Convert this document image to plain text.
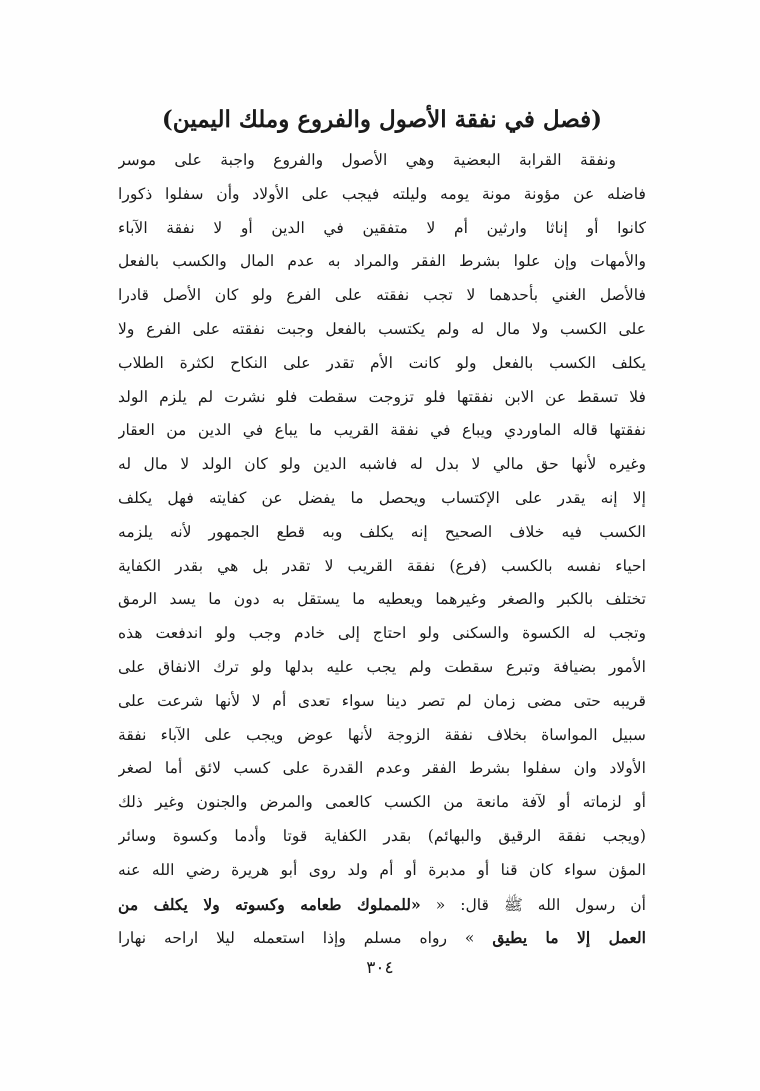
(فصل في نفقة الأصول والفروع وملك اليمين)
ونفقة القرابة البعضية وهي الأصول والفروع واجبة على موسر
فاضله عن مؤونة مونة يومه وليلته فيجب على الأولاد وأن سفلوا ذكورا
كانوا أو إناثا وارثين أم لا متفقين في الدين أو لا نفقة الآباء
والأمهات وإن علوا بشرط الفقر والمراد به عدم المال والكسب بالفعل
فالأصل الغني بأحدهما لا تجب نفقته على الفرع ولو كان الأصل قادرا
على الكسب ولا مال له ولم يكتسب بالفعل وجبت نفقته على الفرع ولا
يكلف الكسب بالفعل ولو كانت الأم تقدر على النكاح لكثرة الطلاب
فلا تسقط عن الابن نفقتها فلو تزوجت سقطت فلو نشرت لم يلزم الولد
نفقتها قاله الماوردي ويباع في نفقة القريب ما يباع في الدين من العقار
وغيره لأنها حق مالي لا بدل له فاشبه الدين ولو كان الولد لا مال له
إلا إنه يقدر على الإكتساب ويحصل ما يفضل عن كفايته فهل يكلف
الكسب فيه خلاف الصحيح إنه يكلف وبه قطع الجمهور لأنه يلزمه
احياء نفسه بالكسب (فرع) نفقة القريب لا تقدر بل هي بقدر الكفاية
تختلف بالكبر والصغر وغيرهما ويعطيه ما يستقل به دون ما يسد الرمق
وتجب له الكسوة والسكنى ولو احتاج إلى خادم وجب ولو اندفعت هذه
الأمور بضيافة وتبرع سقطت ولم يجب عليه بدلها ولو ترك الانفاق على
قريبه حتى مضى زمان لم تصر دينا سواء تعدى أم لا لأنها شرعت على
سبيل المواساة بخلاف نفقة الزوجة لأنها عوض ويجب على الآباء نفقة
الأولاد وان سفلوا بشرط الفقر وعدم القدرة على كسب لائق أما لصغر
أو لزماته أو لآفة مانعة من الكسب كالعمى والمرض والجنون وغير ذلك
(ويجب نفقة الرقيق والبهائم) بقدر الكفاية قوتا وأدما وكسوة وسائر
المؤن سواء كان قنا أو مدبرة أو أم ولد روى أبو هريرة رضي الله عنه
أن رسول الله ﷺ قال: « «للمملوك طعامه وكسوته ولا يكلف من
العمل إلا ما يطيق » رواه مسلم وإذا استعمله ليلا اراحه نهارا
٣٠٤
